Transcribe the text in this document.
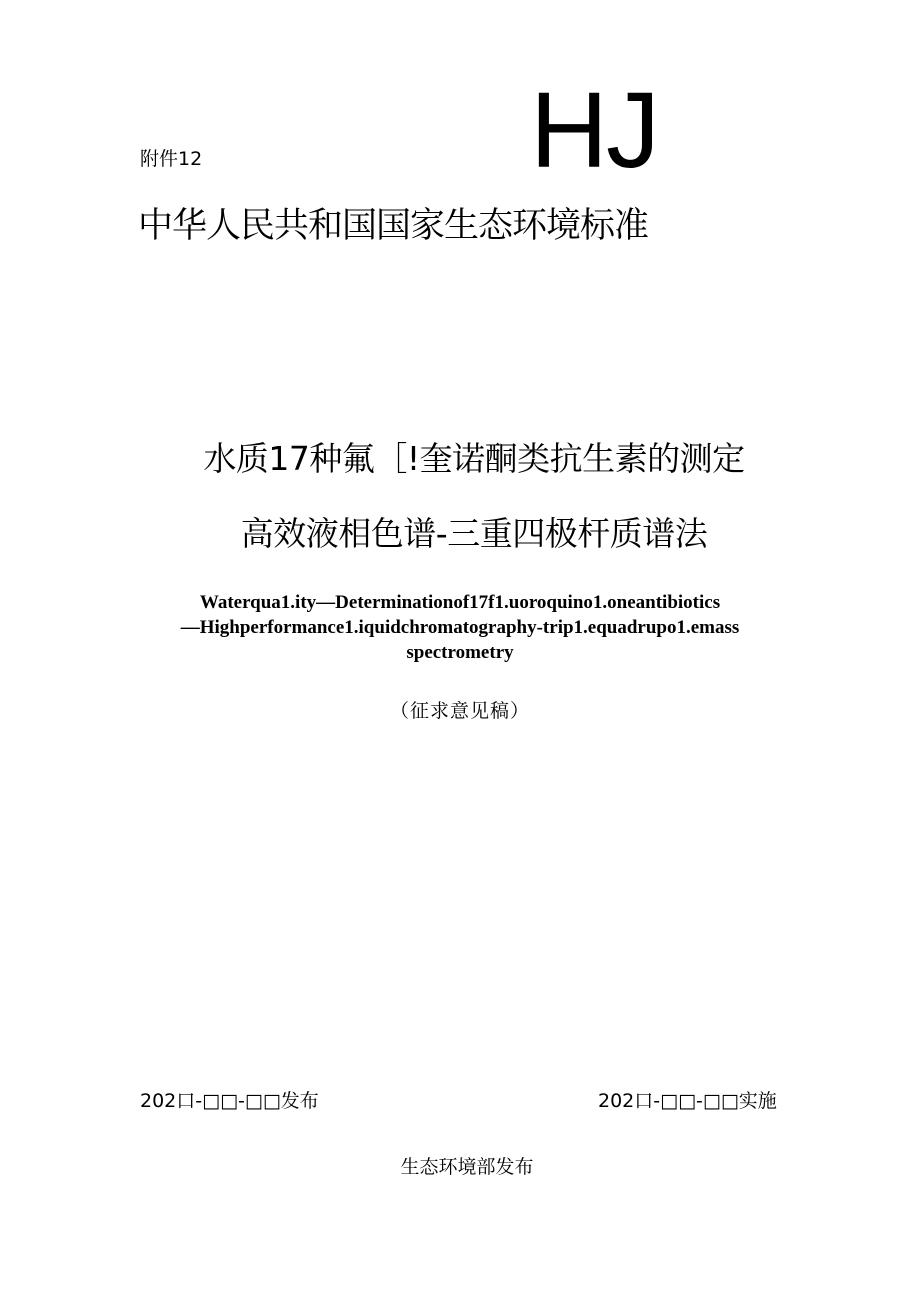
附件12	HJ
中华人民共和国国家生态环境标准
水质17种氟［!奎诺酮类抗生素的测定
高效液相色谱-三重四极杆质谱法
Waterqua1.ity—Determinationof17f1.uoroquino1.oneantibiotics
—Highperformance1.iquidchromatography-trip1.equadrupo1.emass
spectrometry
（征求意见稿）
202口-□□-□□发布	202口-□□-□□实施
生态环境部发布
